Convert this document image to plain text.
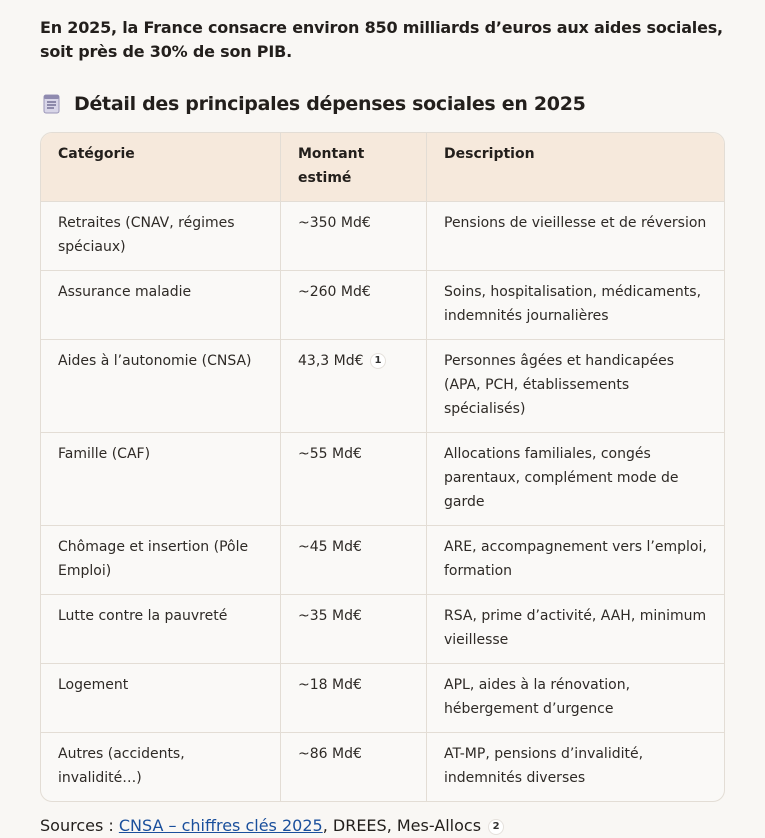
En 2025, la France consacre environ 850 milliards d’euros aux aides sociales, soit près de 30% de son PIB.

Détail des principales dépenses sociales en 2025
Catégorie	Montant estimé	Description
Retraites (CNAV, régimes spéciaux)	~350 Md€	Pensions de vieillesse et de réversion
Assurance maladie	~260 Md€	Soins, hospitalisation, médicaments, indemnités journalières
Aides à l’autonomie (CNSA)	43,3 Md€ 1	Personnes âgées et handicapées (APA, PCH, établissements spécialisés)
Famille (CAF)	~55 Md€	Allocations familiales, congés parentaux, complément mode de garde
Chômage et insertion (Pôle Emploi)	~45 Md€	ARE, accompagnement vers l’emploi, formation
Lutte contre la pauvreté	~35 Md€	RSA, prime d’activité, AAH, minimum vieillesse
Logement	~18 Md€	APL, aides à la rénovation, hébergement d’urgence
Autres (accidents, invalidité…)	~86 Md€	AT-MP, pensions d’invalidité, indemnités diverses
Sources : CNSA – chiffres clés 2025, DREES, Mes-Allocs 2
